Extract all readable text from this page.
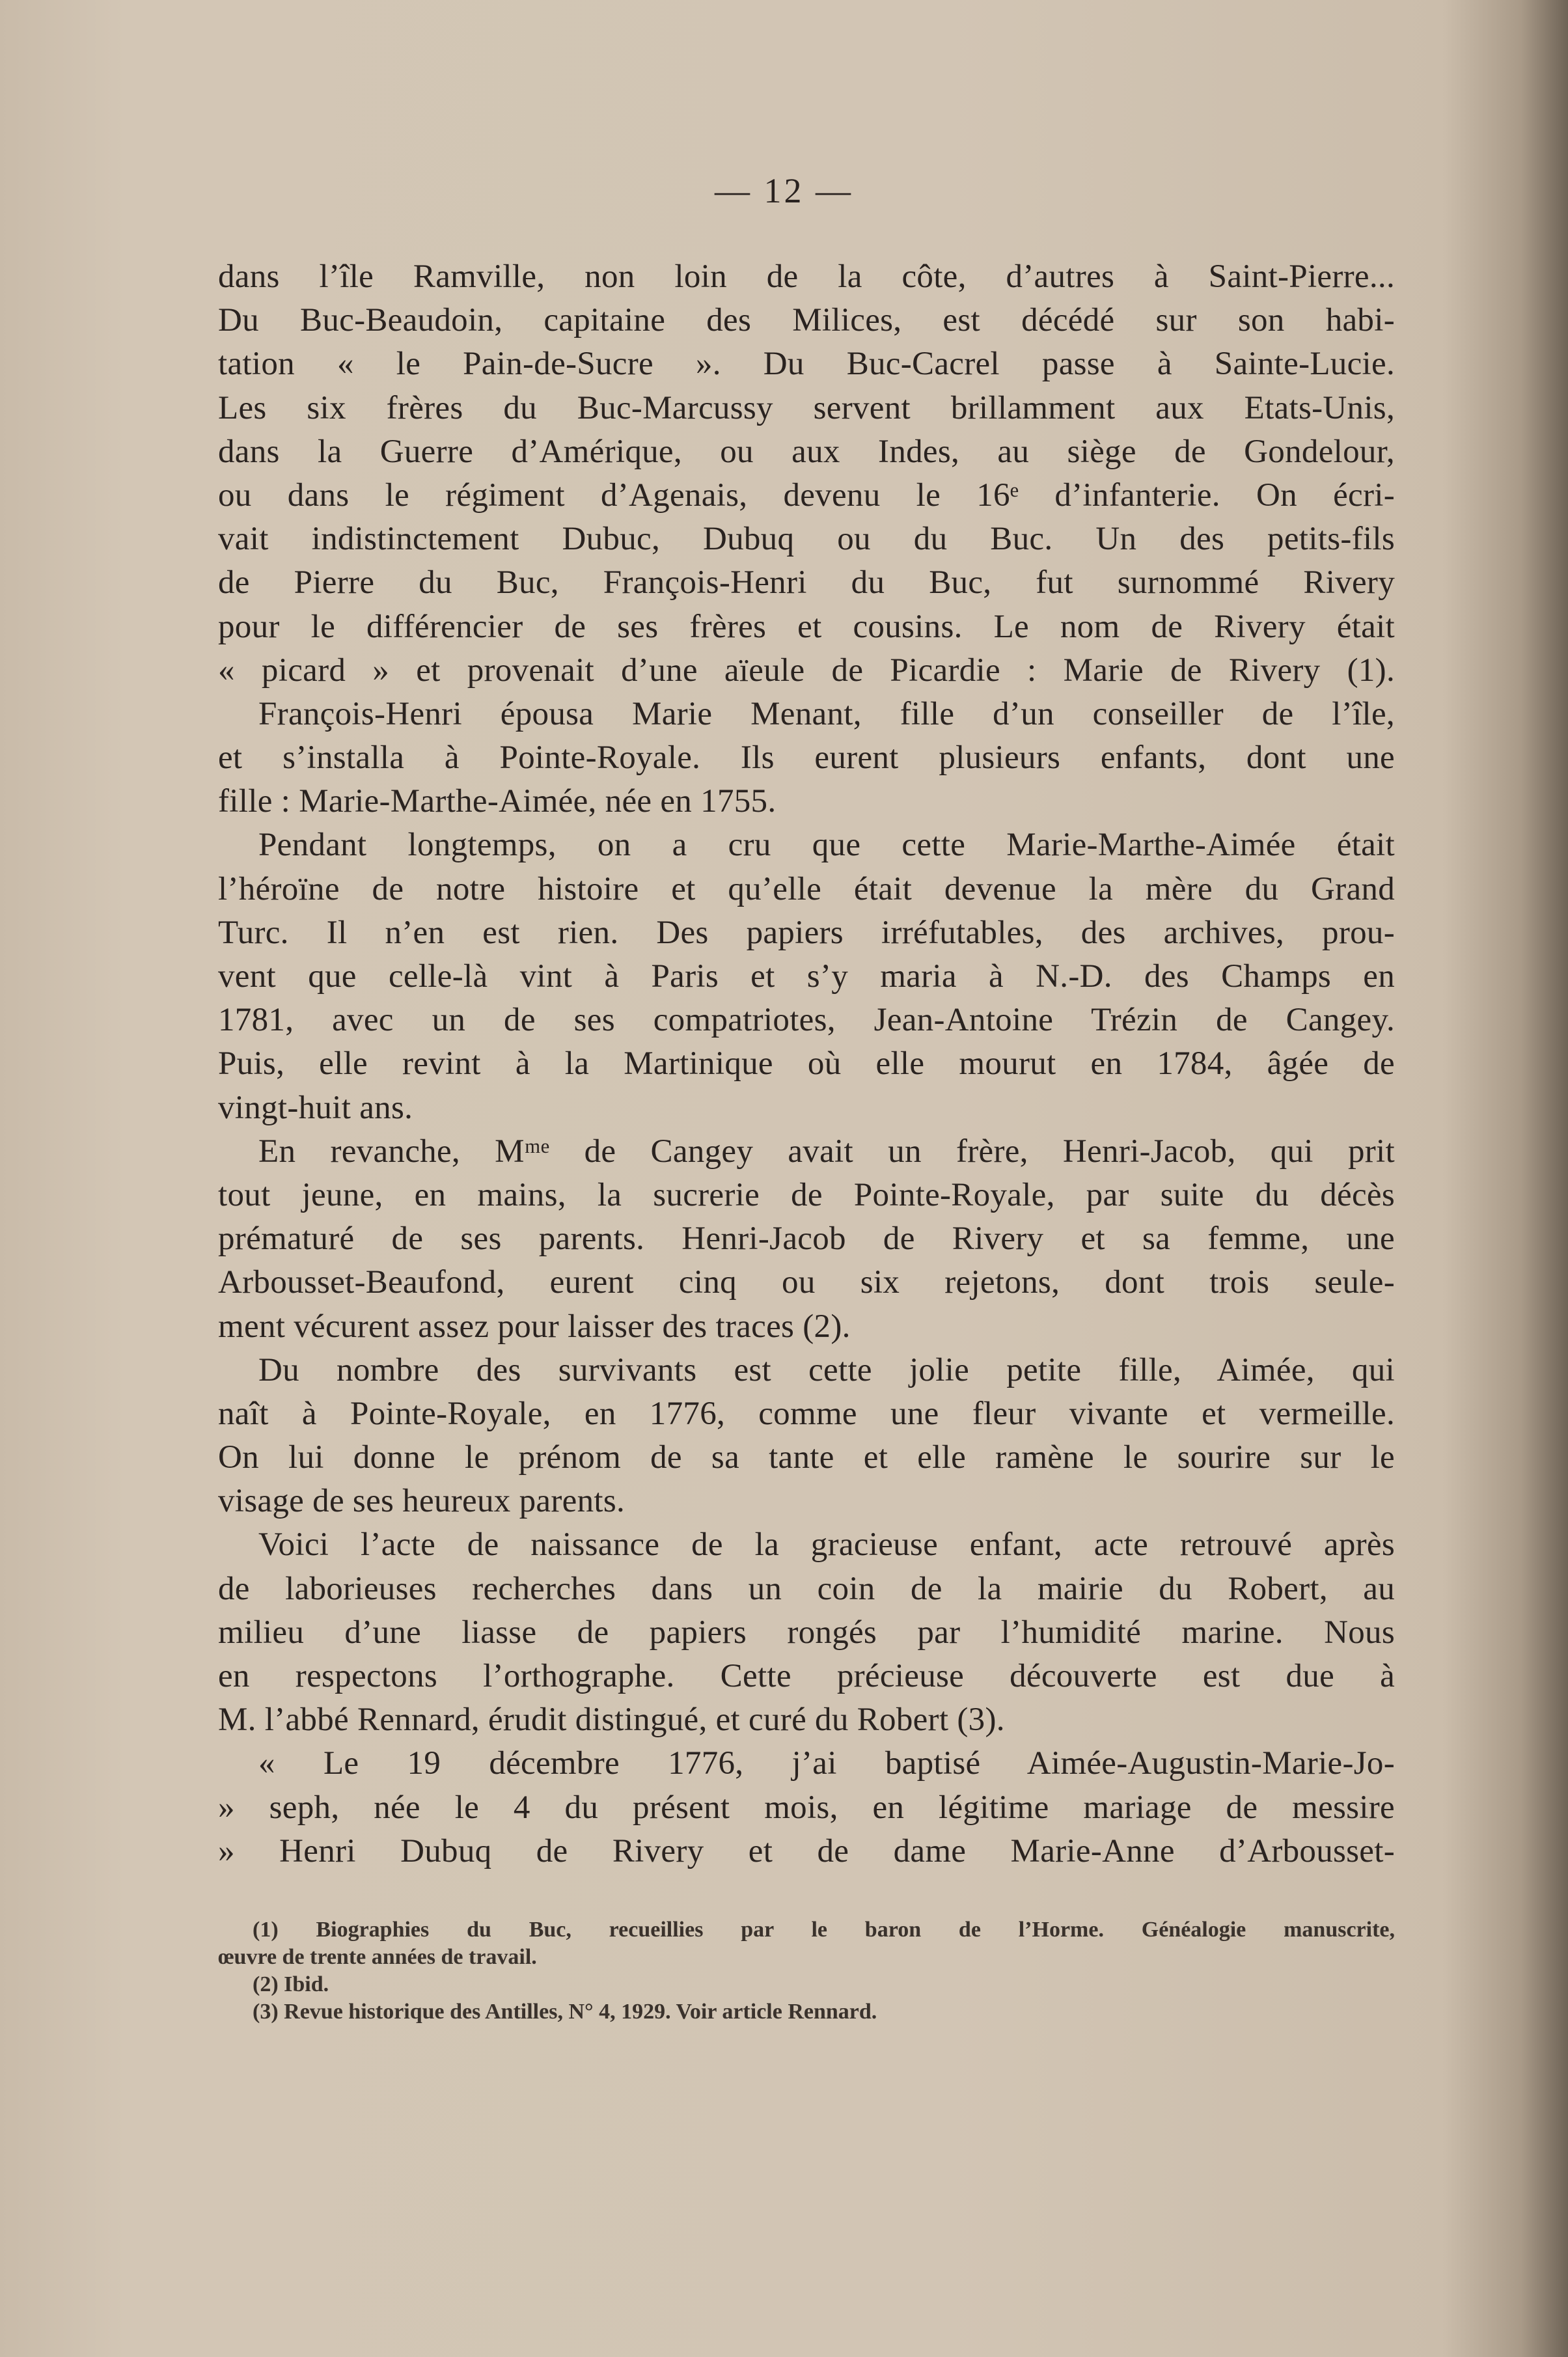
— 12 —
dans l’île Ramville, non loin de la côte, d’autres à Saint-Pierre...
Du Buc-Beaudoin, capitaine des Milices, est décédé sur son habi-
tation « le Pain-de-Sucre ». Du Buc-Cacrel passe à Sainte-Lucie.
Les six frères du Buc-Marcussy servent brillamment aux Etats-Unis,
dans la Guerre d’Amérique, ou aux Indes, au siège de Gondelour,
ou dans le régiment d’Agenais, devenu le 16ᵉ d’infanterie. On écri-
vait indistinctement Dubuc, Dubuq ou du Buc. Un des petits-fils
de Pierre du Buc, François-Henri du Buc, fut surnommé Rivery
pour le différencier de ses frères et cousins. Le nom de Rivery était
« picard » et provenait d’une aïeule de Picardie : Marie de Rivery (1).
François-Henri épousa Marie Menant, fille d’un conseiller de l’île,
et s’installa à Pointe-Royale. Ils eurent plusieurs enfants, dont une
fille : Marie-Marthe-Aimée, née en 1755.
Pendant longtemps, on a cru que cette Marie-Marthe-Aimée était
l’héroïne de notre histoire et qu’elle était devenue la mère du Grand
Turc. Il n’en est rien. Des papiers irréfutables, des archives, prou-
vent que celle-là vint à Paris et s’y maria à N.-D. des Champs en
1781, avec un de ses compatriotes, Jean-Antoine Trézin de Cangey.
Puis, elle revint à la Martinique où elle mourut en 1784, âgée de
vingt-huit ans.
En revanche, Mᵐᵉ de Cangey avait un frère, Henri-Jacob, qui prit
tout jeune, en mains, la sucrerie de Pointe-Royale, par suite du décès
prématuré de ses parents. Henri-Jacob de Rivery et sa femme, une
Arbousset-Beaufond, eurent cinq ou six rejetons, dont trois seule-
ment vécurent assez pour laisser des traces (2).
Du nombre des survivants est cette jolie petite fille, Aimée, qui
naît à Pointe-Royale, en 1776, comme une fleur vivante et vermeille.
On lui donne le prénom de sa tante et elle ramène le sourire sur le
visage de ses heureux parents.
Voici l’acte de naissance de la gracieuse enfant, acte retrouvé après
de laborieuses recherches dans un coin de la mairie du Robert, au
milieu d’une liasse de papiers rongés par l’humidité marine. Nous
en respectons l’orthographe. Cette précieuse découverte est due à
M. l’abbé Rennard, érudit distingué, et curé du Robert (3).
« Le 19 décembre 1776, j’ai baptisé Aimée-Augustin-Marie-Jo-
» seph, née le 4 du présent mois, en légitime mariage de messire
» Henri Dubuq de Rivery et de dame Marie-Anne d’Arbousset-
(1) Biographies du Buc, recueillies par le baron de l’Horme. Généalogie manuscrite,
œuvre de trente années de travail.
(2) Ibid.
(3) Revue historique des Antilles, N° 4, 1929. Voir article Rennard.
